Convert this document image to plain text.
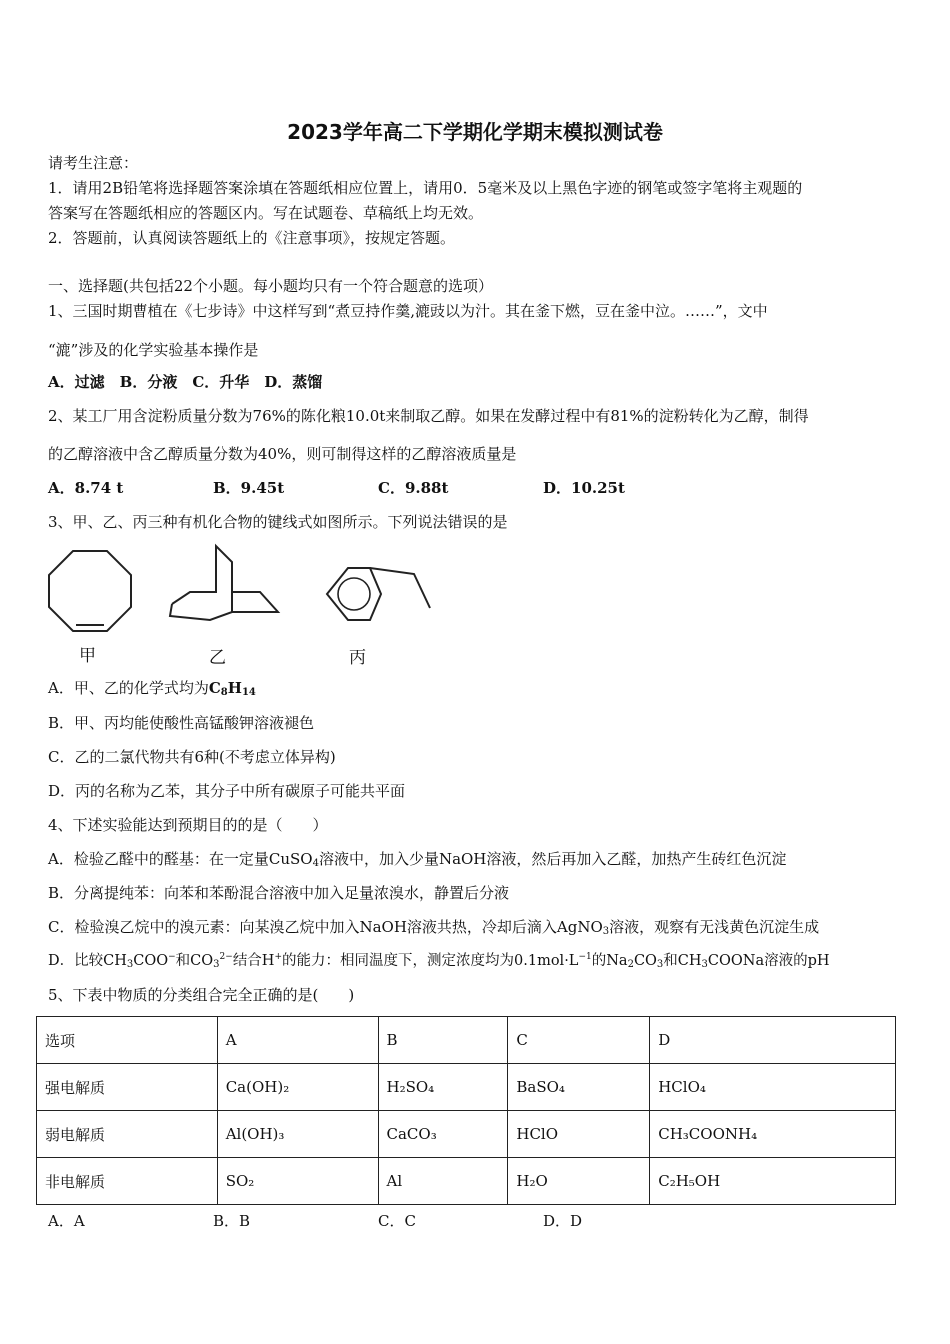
2023学年高二下学期化学期末模拟测试卷
请考生注意：
1．请用2B铅笔将选择题答案涂填在答题纸相应位置上，请用0．5毫米及以上黑色字迹的钢笔或签字笔将主观题的
答案写在答题纸相应的答题区内。写在试题卷、草稿纸上均无效。
2．答题前，认真阅读答题纸上的《注意事项》，按规定答题。
一、选择题(共包括22个小题。每小题均只有一个符合题意的选项）
1、三国时期曹植在《七步诗》中这样写到“煮豆持作羹,漉豉以为汁。其在釜下燃，豆在釜中泣。……”，文中
“漉”涉及的化学实验基本操作是
A．过滤　B．分液　C．升华　D．蒸馏
2、某工厂用含淀粉质量分数为76%的陈化粮10.0t来制取乙醇。如果在发酵过程中有81%的淀粉转化为乙醇，制得
的乙醇溶液中含乙醇质量分数为40%，则可制得这样的乙醇溶液质量是
A．8.74 t	B．9.45t	C．9.88t	D．10.25t
3、甲、乙、丙三种有机化合物的键线式如图所示。下列说法错误的是
甲	乙	丙
A．甲、乙的化学式均为$C_8H_{14}$
B．甲、丙均能使酸性高锰酸钾溶液褪色
C．乙的二氯代物共有6种(不考虑立体异构)
D．丙的名称为乙苯，其分子中所有碳原子可能共平面
4、下述实验能达到预期目的的是（　　）
A．检验乙醛中的醛基：在一定量CuSO$_4$溶液中，加入少量NaOH溶液，然后再加入乙醛，加热产生砖红色沉淀
B．分离提纯苯：向苯和苯酚混合溶液中加入足量浓溴水，静置后分液
C．检验溴乙烷中的溴元素：向某溴乙烷中加入NaOH溶液共热，冷却后滴入AgNO$_3$溶液，观察有无浅黄色沉淀生成
D．比较$CH_3COO^-$和$CO_3^{2-}$结合H+的能力：相同温度下，测定浓度均为$0.1mol\cdot L^{-1}$的$Na_2CO_3$和$CH_3COONa$溶液的pH
5、下表中物质的分类组合完全正确的是(　　)
选项	A	B	C	D
强电解质	Ca(OH)₂	H₂SO₄	BaSO₄	HClO₄
弱电解质	Al(OH)₃	CaCO₃	HClO	CH₃COONH₄
非电解质	SO₂	Al	H₂O	C₂H₅OH
A．A	B．B	C．C	D．D
